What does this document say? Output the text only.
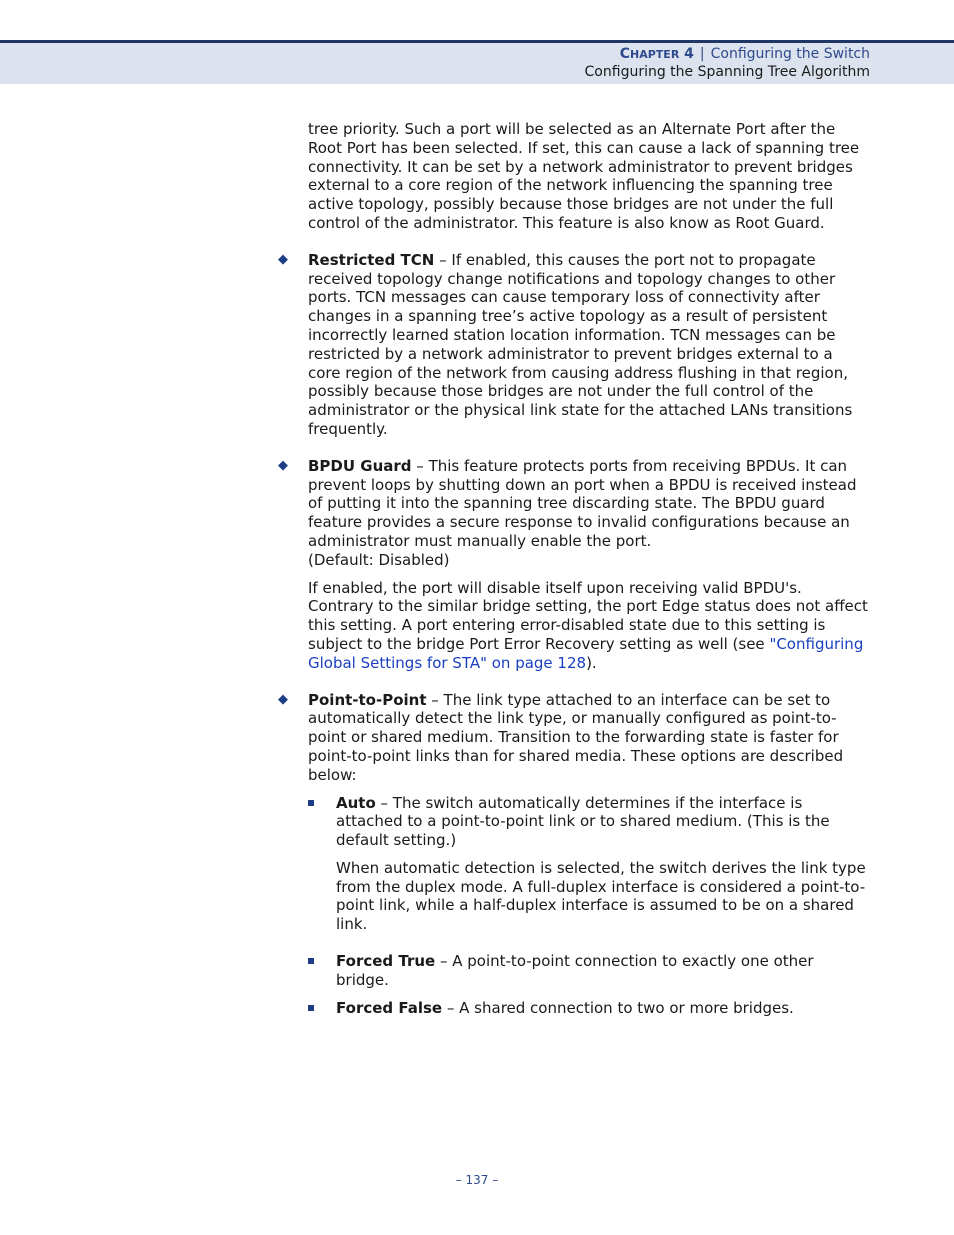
CHAPTER 4 | Configuring the Switch
Configuring the Spanning Tree Algorithm

tree priority. Such a port will be selected as an Alternate Port after the Root Port has been selected. If set, this can cause a lack of spanning tree connectivity. It can be set by a network administrator to prevent bridges external to a core region of the network influencing the spanning tree active topology, possibly because those bridges are not under the full control of the administrator. This feature is also know as Root Guard.

◆ Restricted TCN – If enabled, this causes the port not to propagate received topology change notifications and topology changes to other ports. TCN messages can cause temporary loss of connectivity after changes in a spanning tree’s active topology as a result of persistent incorrectly learned station location information. TCN messages can be restricted by a network administrator to prevent bridges external to a core region of the network from causing address flushing in that region, possibly because those bridges are not under the full control of the administrator or the physical link state for the attached LANs transitions frequently.

◆ BPDU Guard – This feature protects ports from receiving BPDUs. It can prevent loops by shutting down an port when a BPDU is received instead of putting it into the spanning tree discarding state. The BPDU guard feature provides a secure response to invalid configurations because an administrator must manually enable the port.
(Default: Disabled)

If enabled, the port will disable itself upon receiving valid BPDU's. Contrary to the similar bridge setting, the port Edge status does not affect this setting. A port entering error-disabled state due to this setting is subject to the bridge Port Error Recovery setting as well (see "Configuring Global Settings for STA" on page 128).

◆ Point-to-Point – The link type attached to an interface can be set to automatically detect the link type, or manually configured as point-to-point or shared medium. Transition to the forwarding state is faster for point-to-point links than for shared media. These options are described below:

Auto – The switch automatically determines if the interface is attached to a point-to-point link or to shared medium. (This is the default setting.)

When automatic detection is selected, the switch derives the link type from the duplex mode. A full-duplex interface is considered a point-to-point link, while a half-duplex interface is assumed to be on a shared link.

Forced True – A point-to-point connection to exactly one other bridge.

Forced False – A shared connection to two or more bridges.

– 137 –
